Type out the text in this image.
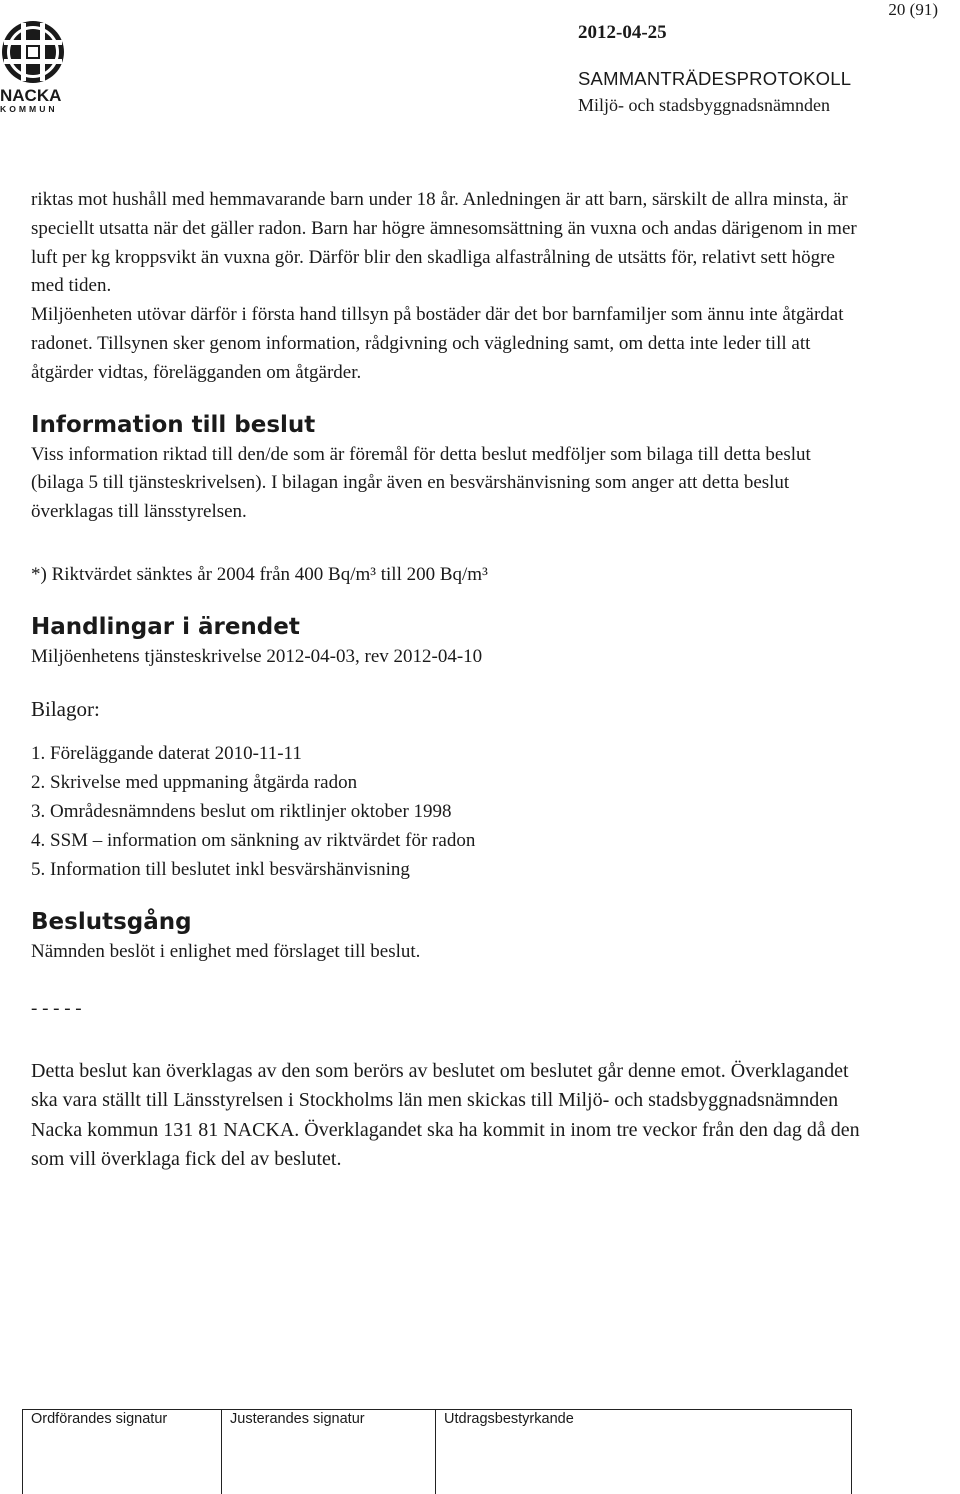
20 (91)
NACKA
KOMMUN
2012-04-25
SAMMANTRÄDESPROTOKOLL
Miljö- och stadsbyggnadsnämnden

riktas mot hushåll med hemmavarande barn under 18 år. Anledningen är att barn, särskilt de allra minsta, är speciellt utsatta när det gäller radon. Barn har högre ämnesomsättning än vuxna och andas därigenom in mer luft per kg kroppsvikt än vuxna gör. Därför blir den skadliga alfastrålning de utsätts för, relativt sett högre med tiden.

Miljöenheten utövar därför i första hand tillsyn på bostäder där det bor barnfamiljer som ännu inte åtgärdat radonet. Tillsynen sker genom information, rådgivning och vägledning samt, om detta inte leder till att åtgärder vidtas, förelägganden om åtgärder.

Information till beslut

Viss information riktad till den/de som är föremål för detta beslut medföljer som bilaga till detta beslut (bilaga 5 till tjänsteskrivelsen). I bilagan ingår även en besvärshänvisning som anger att detta beslut överklagas till länsstyrelsen.

*) Riktvärdet sänktes år 2004 från 400 Bq/m³ till 200 Bq/m³
Handlingar i ärendet

Miljöenhetens tjänsteskrivelse 2012-04-03, rev 2012-04-10

Bilagor:
1. Föreläggande daterat 2010-11-11
2. Skrivelse med uppmaning åtgärda radon
3. Områdesnämndens beslut om riktlinjer oktober 1998
4. SSM – information om sänkning av riktvärdet för radon
5. Information till beslutet inkl besvärshänvisning
Beslutsgång

Nämnden beslöt i enlighet med förslaget till beslut.

- - - - -

Detta beslut kan överklagas av den som berörs av beslutet om beslutet går denne emot. Överklagandet ska vara ställt till Länsstyrelsen i Stockholms län men skickas till Miljö- och stadsbyggnadsnämnden Nacka kommun 131 81 NACKA. Överklagandet ska ha kommit in inom tre veckor från den dag då den som vill överklaga fick del av beslutet.

Ordförandes signatur	Justerandes signatur	Utdragsbestyrkande
